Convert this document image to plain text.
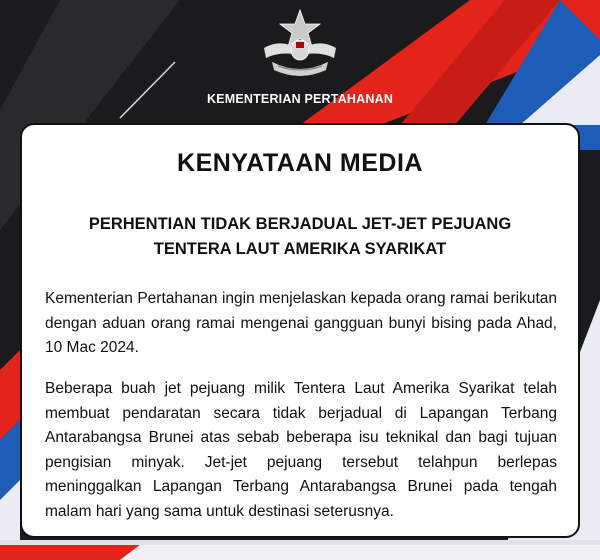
KEMENTERIAN PERTAHANAN
KENYATAAN MEDIA
PERHENTIAN TIDAK BERJADUAL JET-JET PEJUANG
TENTERA LAUT AMERIKA SYARIKAT

Kementerian Pertahanan ingin menjelaskan kepada orang ramai berikutan dengan aduan orang ramai mengenai gangguan bunyi bising pada Ahad, 10 Mac 2024.

Beberapa buah jet pejuang milik Tentera Laut Amerika Syarikat telah membuat pendaratan secara tidak berjadual di Lapangan Terbang Antarabangsa Brunei atas sebab beberapa isu teknikal dan bagi tujuan pengisian minyak. Jet-jet pejuang tersebut telahpun berlepas meninggalkan Lapangan Terbang Antarabangsa Brunei pada tengah malam hari yang sama untuk destinasi seterusnya.
